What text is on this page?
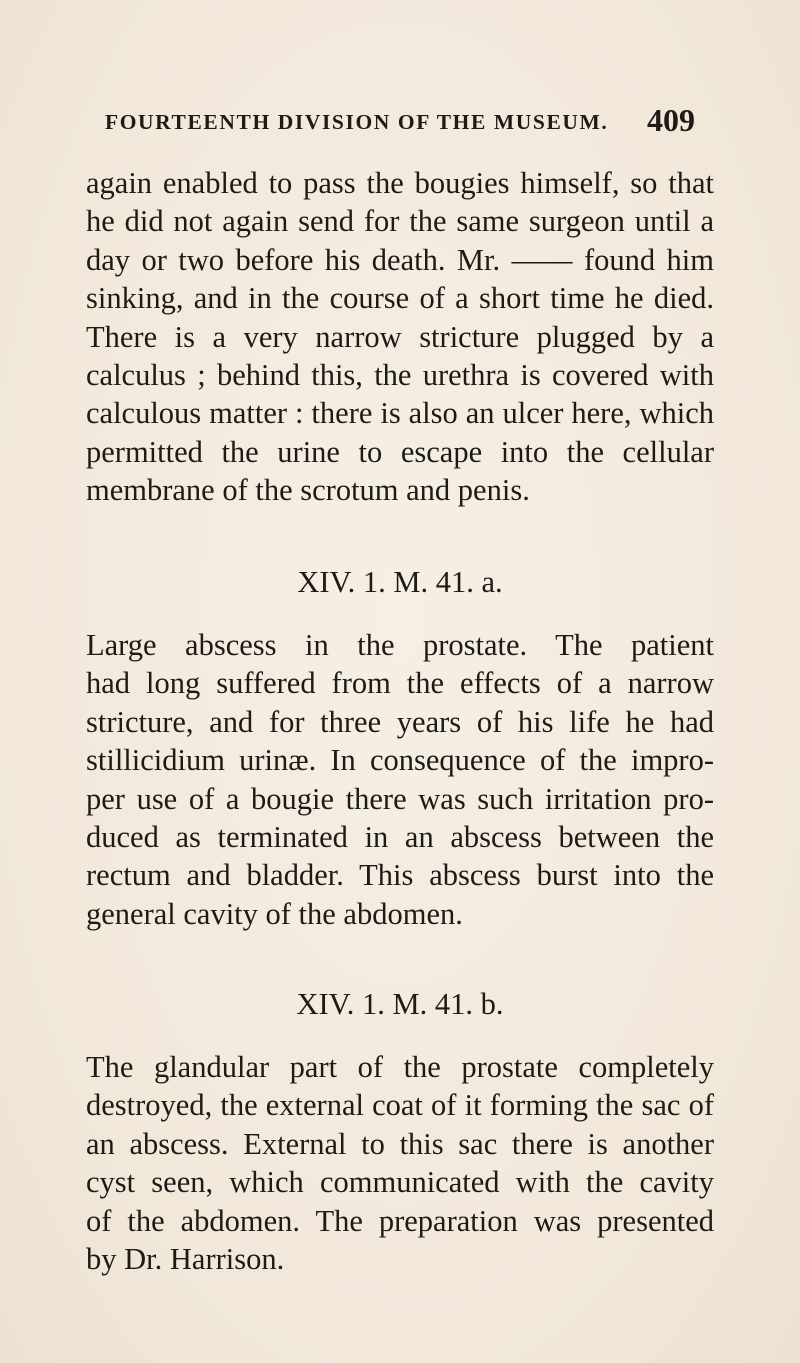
FOURTEENTH DIVISION OF THE MUSEUM. 409
again enabled to pass the bougies himself, so that
he did not again send for the same surgeon until a
day or two before his death. Mr. —— found him
sinking, and in the course of a short time he died.
There is a very narrow stricture plugged by a
calculus ; behind this, the urethra is covered with
calculous matter : there is also an ulcer here, which
permitted the urine to escape into the cellular
membrane of the scrotum and penis.
XIV. 1. M. 41. a.
Large abscess in the prostate. The patient
had long suffered from the effects of a narrow
stricture, and for three years of his life he had
stillicidium urinæ. In consequence of the impro-
per use of a bougie there was such irritation pro-
duced as terminated in an abscess between the
rectum and bladder. This abscess burst into the
general cavity of the abdomen.
XIV. 1. M. 41. b.
The glandular part of the prostate completely
destroyed, the external coat of it forming the sac of
an abscess. External to this sac there is another
cyst seen, which communicated with the cavity
of the abdomen. The preparation was presented
by Dr. Harrison.
